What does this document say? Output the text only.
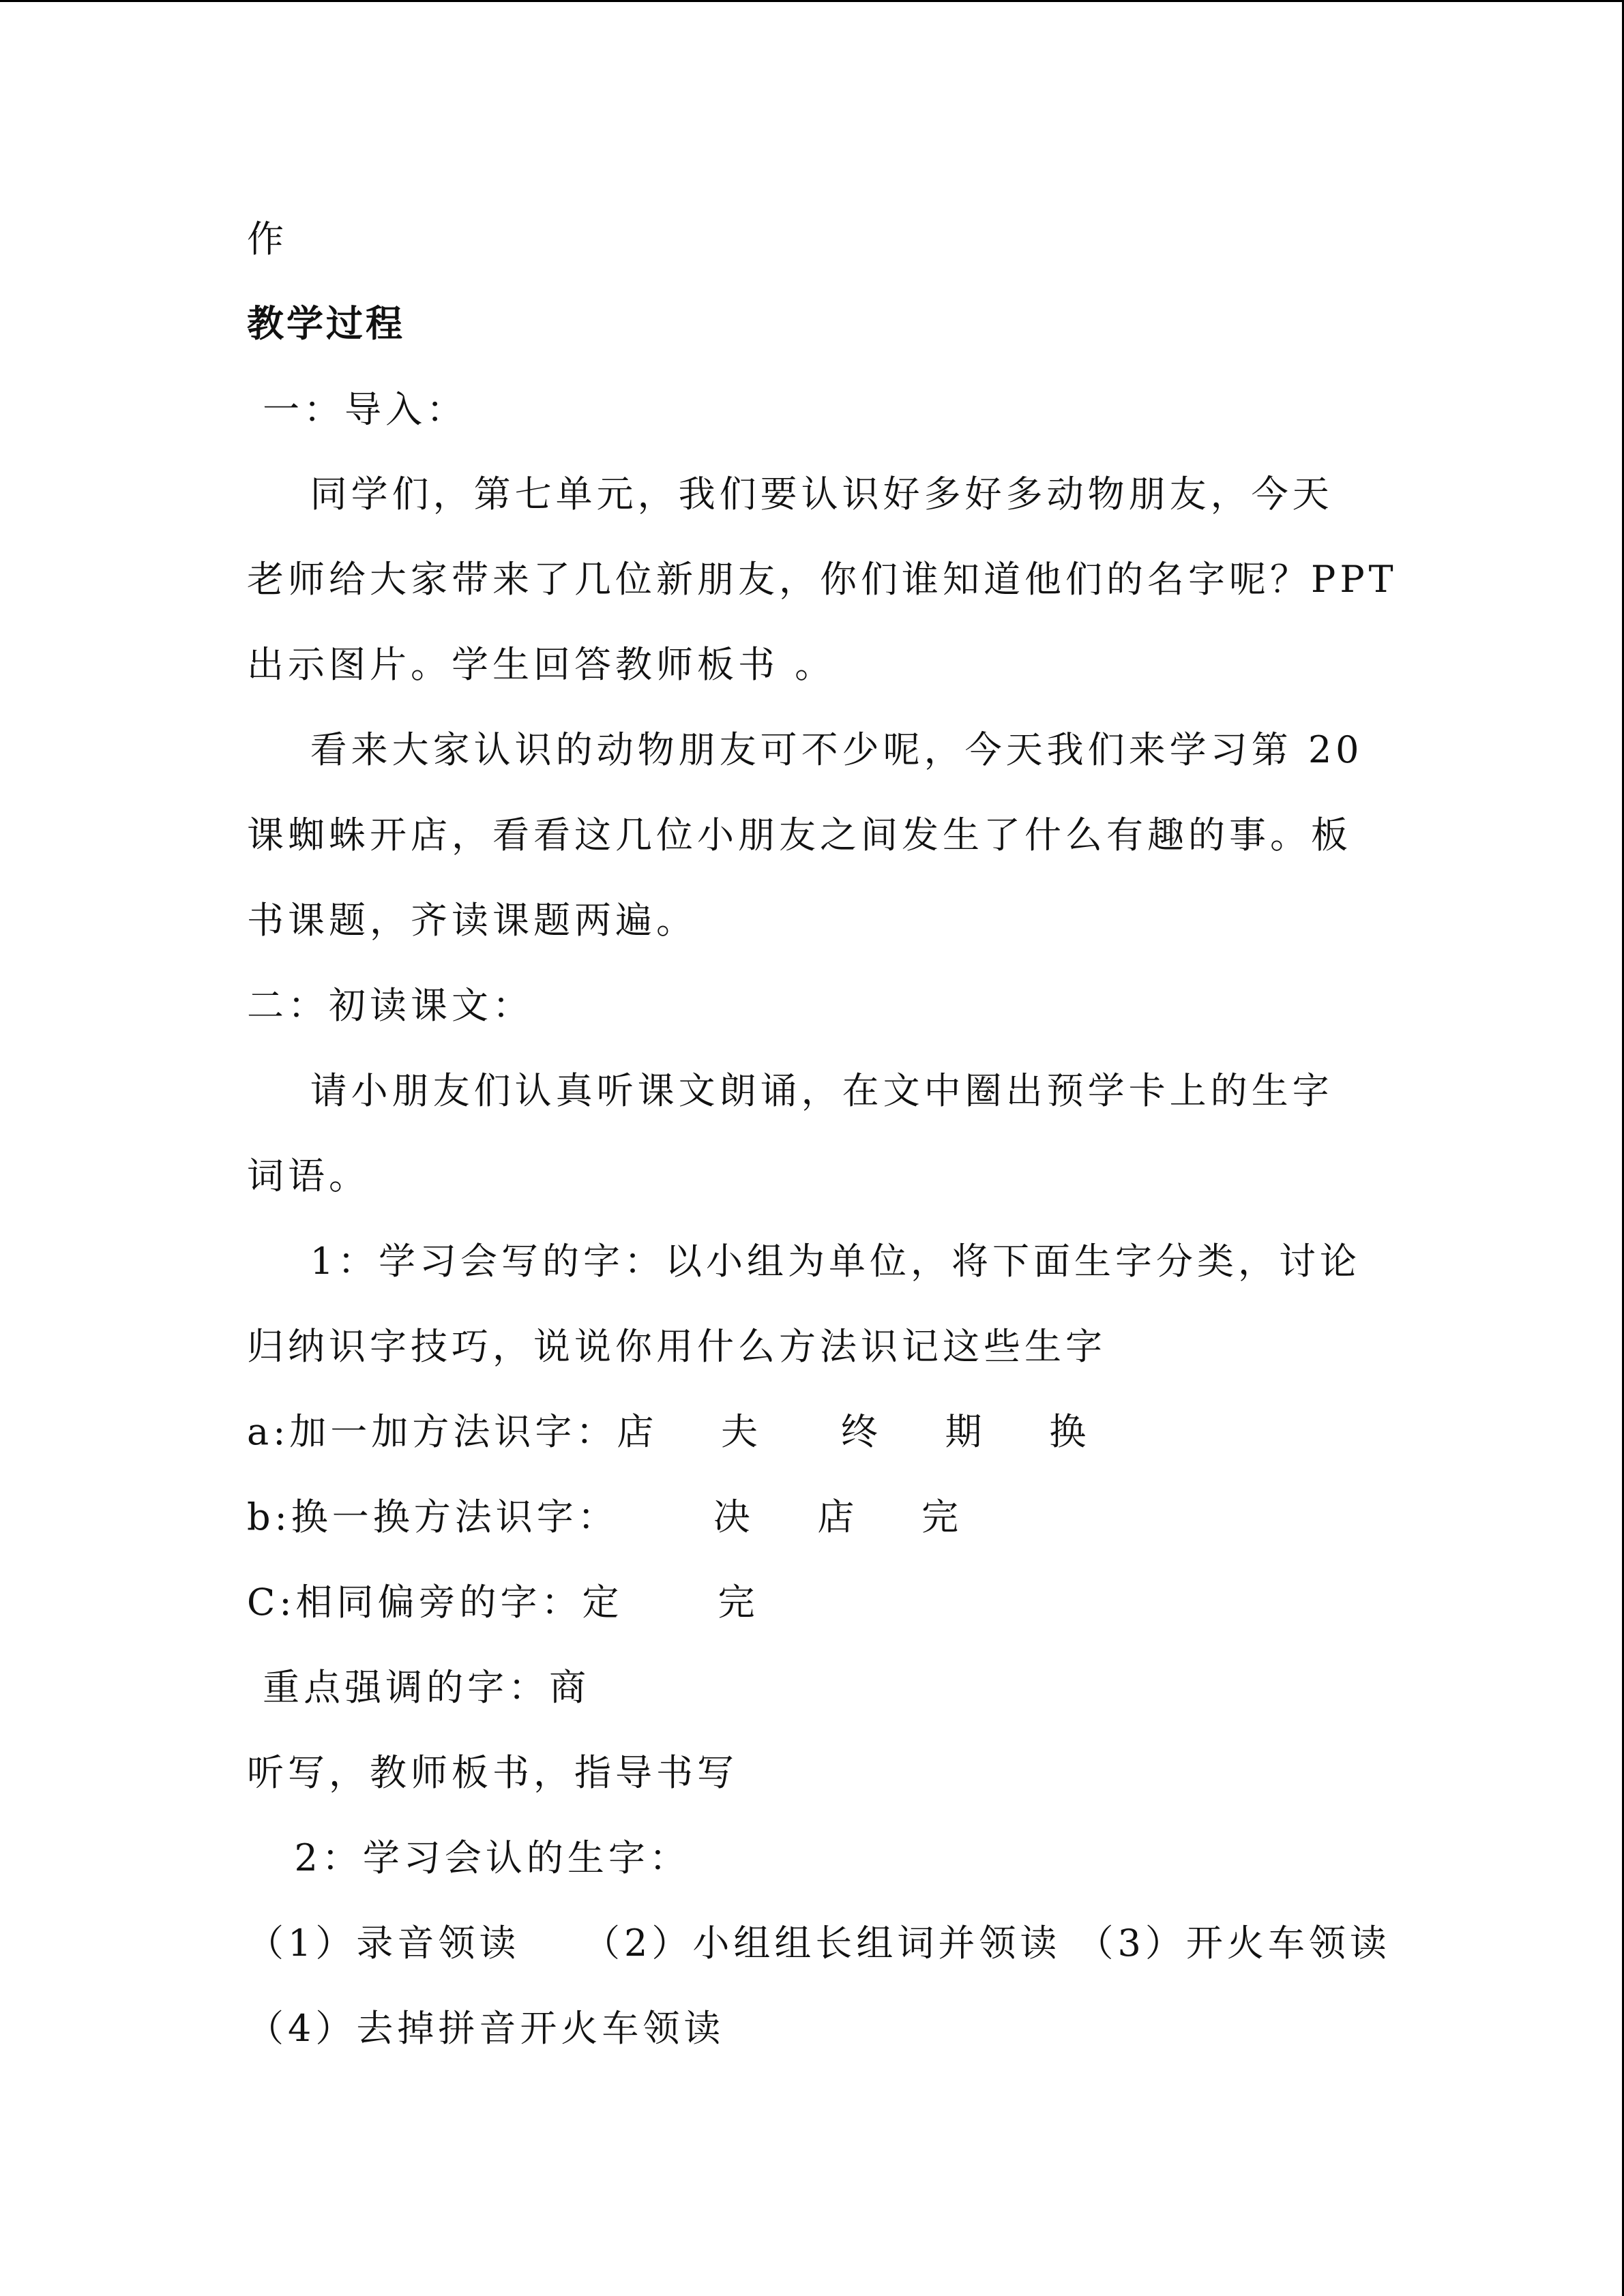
作
教学过程
一：导入：
同学们，第七单元，我们要认识好多好多动物朋友，今天
老师给大家带来了几位新朋友，你们谁知道他们的名字呢？PPT
出示图片。学生回答教师板书 。
看来大家认识的动物朋友可不少呢，今天我们来学习第 20
课蜘蛛开店，看看这几位小朋友之间发生了什么有趣的事。板
书课题，齐读课题两遍。
二：初读课文：
请小朋友们认真听课文朗诵，在文中圈出预学卡上的生字
词语。
1：学习会写的字：以小组为单位，将下面生字分类，讨论
归纳识字技巧，说说你用什么方法识记这些生字
a:加一加方法识字：店    夫     终    期    换
b:换一换方法识字：      决    店    完
C:相同偏旁的字：定      完
重点强调的字：商
听写，教师板书，指导书写
2：学习会认的生字：
（1）录音领读    （2）小组组长组词并领读 （3）开火车领读
（4）去掉拼音开火车领读
